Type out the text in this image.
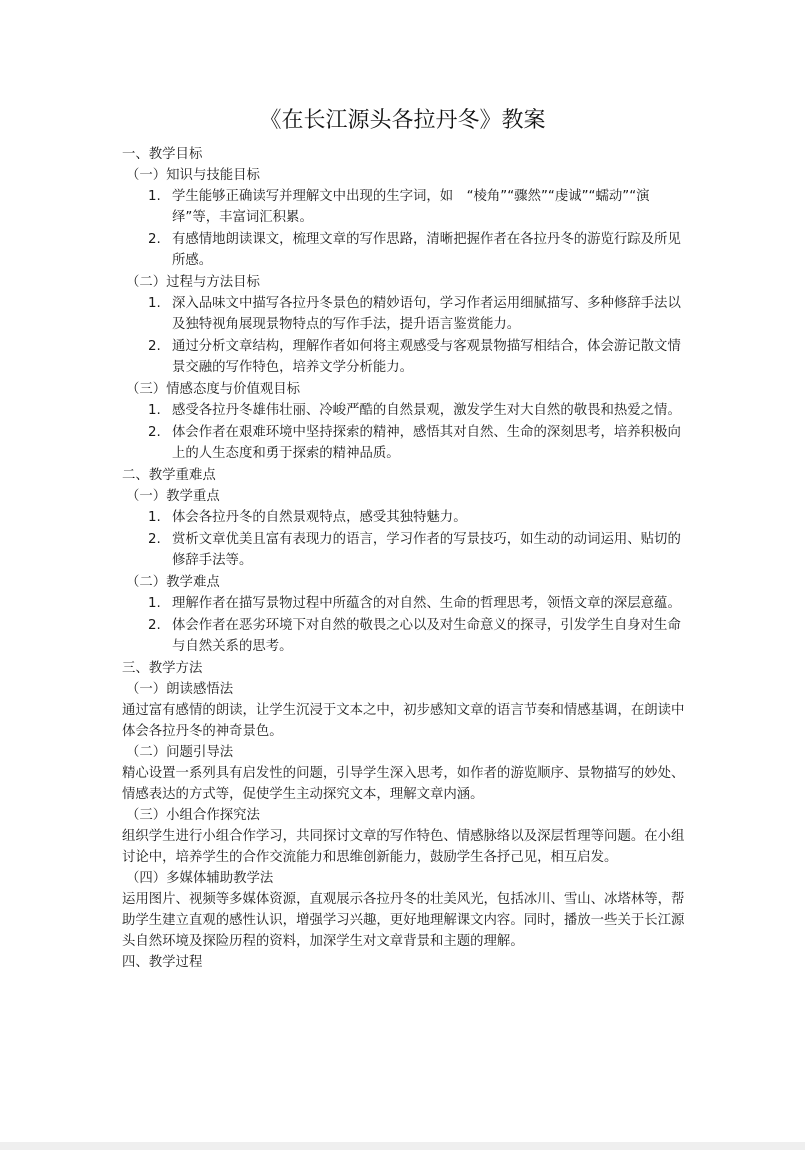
《在长江源头各拉丹冬》教案
一、教学目标
（一）知识与技能目标
1. 学生能够正确读写并理解文中出现的生字词，如　“棱角”“骤然”“虔诚”“蠕动”“演绎”等，丰富词汇积累。
2. 有感情地朗读课文，梳理文章的写作思路，清晰把握作者在各拉丹冬的游览行踪及所见所感。
（二）过程与方法目标
1. 深入品味文中描写各拉丹冬景色的精妙语句，学习作者运用细腻描写、多种修辞手法以及独特视角展现景物特点的写作手法，提升语言鉴赏能力。
2. 通过分析文章结构，理解作者如何将主观感受与客观景物描写相结合，体会游记散文情景交融的写作特色，培养文学分析能力。
（三）情感态度与价值观目标
1. 感受各拉丹冬雄伟壮丽、冷峻严酷的自然景观，激发学生对大自然的敬畏和热爱之情。
2. 体会作者在艰难环境中坚持探索的精神，感悟其对自然、生命的深刻思考，培养积极向上的人生态度和勇于探索的精神品质。
二、教学重难点
（一）教学重点
1. 体会各拉丹冬的自然景观特点，感受其独特魅力。
2. 赏析文章优美且富有表现力的语言，学习作者的写景技巧，如生动的动词运用、贴切的修辞手法等。
（二）教学难点
1. 理解作者在描写景物过程中所蕴含的对自然、生命的哲理思考，领悟文章的深层意蕴。
2. 体会作者在恶劣环境下对自然的敬畏之心以及对生命意义的探寻，引发学生自身对生命与自然关系的思考。
三、教学方法
（一）朗读感悟法
通过富有感情的朗读，让学生沉浸于文本之中，初步感知文章的语言节奏和情感基调，在朗读中体会各拉丹冬的神奇景色。
（二）问题引导法
精心设置一系列具有启发性的问题，引导学生深入思考，如作者的游览顺序、景物描写的妙处、情感表达的方式等，促使学生主动探究文本，理解文章内涵。
（三）小组合作探究法
组织学生进行小组合作学习，共同探讨文章的写作特色、情感脉络以及深层哲理等问题。在小组讨论中，培养学生的合作交流能力和思维创新能力，鼓励学生各抒己见，相互启发。
（四）多媒体辅助教学法
运用图片、视频等多媒体资源，直观展示各拉丹冬的壮美风光，包括冰川、雪山、冰塔林等，帮助学生建立直观的感性认识，增强学习兴趣，更好地理解课文内容。同时，播放一些关于长江源头自然环境及探险历程的资料，加深学生对文章背景和主题的理解。
四、教学过程
